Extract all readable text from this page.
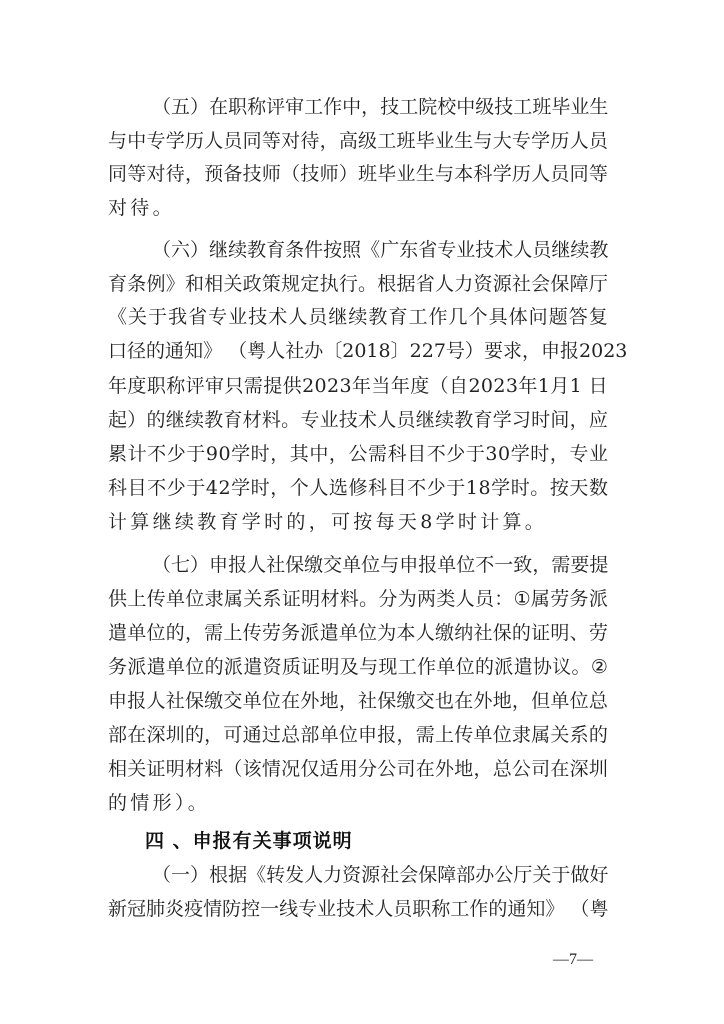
（ 五 ） 在 职 称 评 审 工 作 中 ， 技 工 院 校 中 级 技 工 班 毕 业 生
与 中 专 学 历 人 员 同 等 对 待 ， 高 级 工 班 毕 业 生 与 大 专 学 历 人 员
同 等 对 待 ， 预 备 技 师 （ 技 师 ） 班 毕 业 生 与 本 科 学 历 人 员 同 等
对待。
（ 六 ） 继 续 教 育 条 件 按 照 《 广 东 省 专 业 技 术 人 员 继 续 教
育 条 例 》 和 相 关 政 策 规 定 执 行 。 根 据 省 人 力 资 源 社 会 保 障 厅
《 关 于 我 省 专 业 技 术 人 员 继 续 教 育 工 作 几 个 具 体 问 题 答 复
口 径 的 通 知 》
（ 粤 人 社 办 〔 2 0 1 8 〕 2 2 7 号 ） 要 求 ， 申 报 2 0 2 3
年 度 职 称 评 审 只 需 提 供 2 0 2 3 年 当 年 度 （ 自 2 0 2 3 年 1 月 1
日
起 ） 的 继 续 教 育 材 料 。 专 业 技 术 人 员 继 续 教 育 学 习 时 间 ， 应
累 计 不 少 于 9 0 学 时 ， 其 中 ， 公 需 科 目 不 少 于 3 0 学 时 ， 专 业
科 目 不 少 于 4 2 学 时 ， 个 人 选 修 科 目 不 少 于 1 8 学 时 。 按 天 数
计算继续教育学时的，可按每天8学时计算。
（ 七 ） 申 报 人 社 保 缴 交 单 位 与 申 报 单 位 不 一 致 ， 需 要 提
供 上 传 单 位 隶 属 关 系 证 明 材 料 。 分 为 两 类 人 员 ： ① 属 劳 务 派
遣 单 位 的 ， 需 上 传 劳 务 派 遣 单 位 为 本 人 缴 纳 社 保 的 证 明 、 劳
务 派 遣 单 位 的 派 遣 资 质 证 明 及 与 现 工 作 单 位 的 派 遣 协 议 。 ②
申 报 人 社 保 缴 交 单 位 在 外 地 ， 社 保 缴 交 也 在 外 地 ， 但 单 位 总
部 在 深 圳 的 ， 可 通 过 总 部 单 位 申 报 ， 需 上 传 单 位 隶 属 关 系 的
相 关 证 明 材 料 （ 该 情 况 仅 适 用 分 公 司 在 外 地 ， 总 公 司 在 深 圳
的情形）。
四 、申报有关事项说明
（ 一 ） 根 据 《 转 发 人 力 资 源 社 会 保 障 部 办 公 厅 关 于 做 好
新 冠 肺 炎 疫 情 防 控 一 线 专 业 技 术 人 员 职 称 工 作 的 通 知 》
（ 粤
—7—
